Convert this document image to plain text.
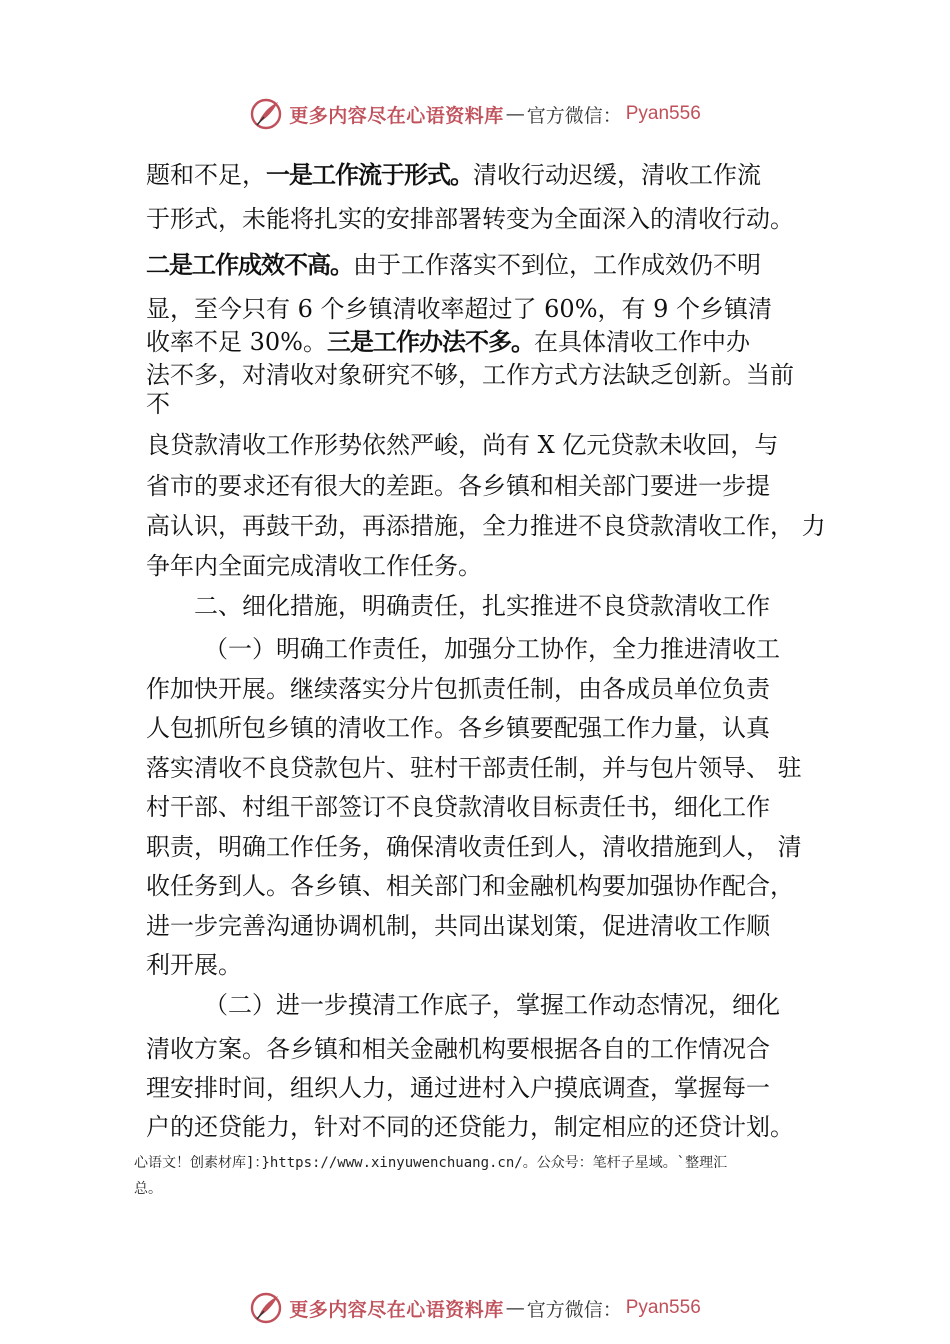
更多内容尽在心语资料库 — 官方微信： Pyan556

题和不足，一是工作流于形式。清收行动迟缓，清收工作流

于形式，未能将扎实的安排部署转变为全面深入的清收行动。

二是工作成效不高。由于工作落实不到位，工作成效仍不明

显，至今只有 6 个乡镇清收率超过了 60%，有 9 个乡镇清

收率不足 30%。三是工作办法不多。在具体清收工作中办

法不多，对清收对象研究不够，工作方式方法缺乏创新。当前

不

良贷款清收工作形势依然严峻，尚有 X 亿元贷款未收回，与

省市的要求还有很大的差距。各乡镇和相关部门要进一步提

高认识，再鼓干劲，再添措施，全力推进不良贷款清收工作， 力

争年内全面完成清收工作任务。

二、细化措施，明确责任，扎实推进不良贷款清收工作

（一）明确工作责任，加强分工协作，全力推进清收工

作加快开展。继续落实分片包抓责任制，由各成员单位负责

人包抓所包乡镇的清收工作。各乡镇要配强工作力量，认真

落实清收不良贷款包片、驻村干部责任制，并与包片领导、 驻

村干部、村组干部签订不良贷款清收目标责任书，细化工作

职责，明确工作任务，确保清收责任到人，清收措施到人， 清

收任务到人。各乡镇、相关部门和金融机构要加强协作配合，

进一步完善沟通协调机制，共同出谋划策，促进清收工作顺

利开展。

（二）进一步摸清工作底子，掌握工作动态情况，细化

清收方案。各乡镇和相关金融机构要根据各自的工作情况合

理安排时间，组织人力，通过进村入户摸底调查，掌握每一

户的还贷能力，针对不同的还贷能力，制定相应的还贷计划。

心语文！创素材库]：}https://www.xinyuwenchuang.cn/。公众号：笔杆子星域。`整理汇

总。

更多内容尽在心语资料库 — 官方微信： Pyan556
